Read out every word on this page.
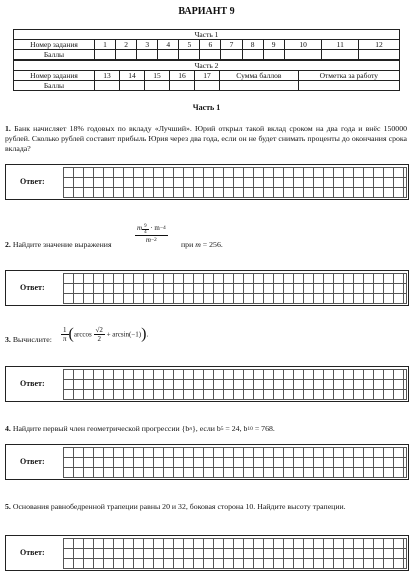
ВАРИАНТ 9
Часть 1												
Номер задания	1	2	3	4	5	6	7	8	9	10	11	12
Баллы												
Часть 2							
Номер задания	13	14	15	16	17	Сумма баллов	Отметка за работу
Баллы							
Часть 1
1. Банк начисляет 18% годовых по вкладу «Лучший». Юрий открыл такой вклад сроком на два года и внёс 150000 рублей. Сколько рублей составит прибыль Юрия через два года, если он не будет снимать проценты до окончания срока вклада?
Ответ:
2. Найдите значение выражения
$\frac{m \frac{9}{4} \cdot m^{-4}}{m^{-2}}$
при m = 256.
Ответ:
3. Вычислите: $\frac{1}{\pi} (\arccos \frac{√2}{2} + \arcsin(-1))$.
Ответ:
4. Найдите первый член геометрической прогрессии {bn}, если b5 = 24, b10 = 768.
Ответ:
5. Основания равнобедренной трапеции равны 20 и 32, боковая сторона 10. Найдите высоту трапеции.
Ответ:
